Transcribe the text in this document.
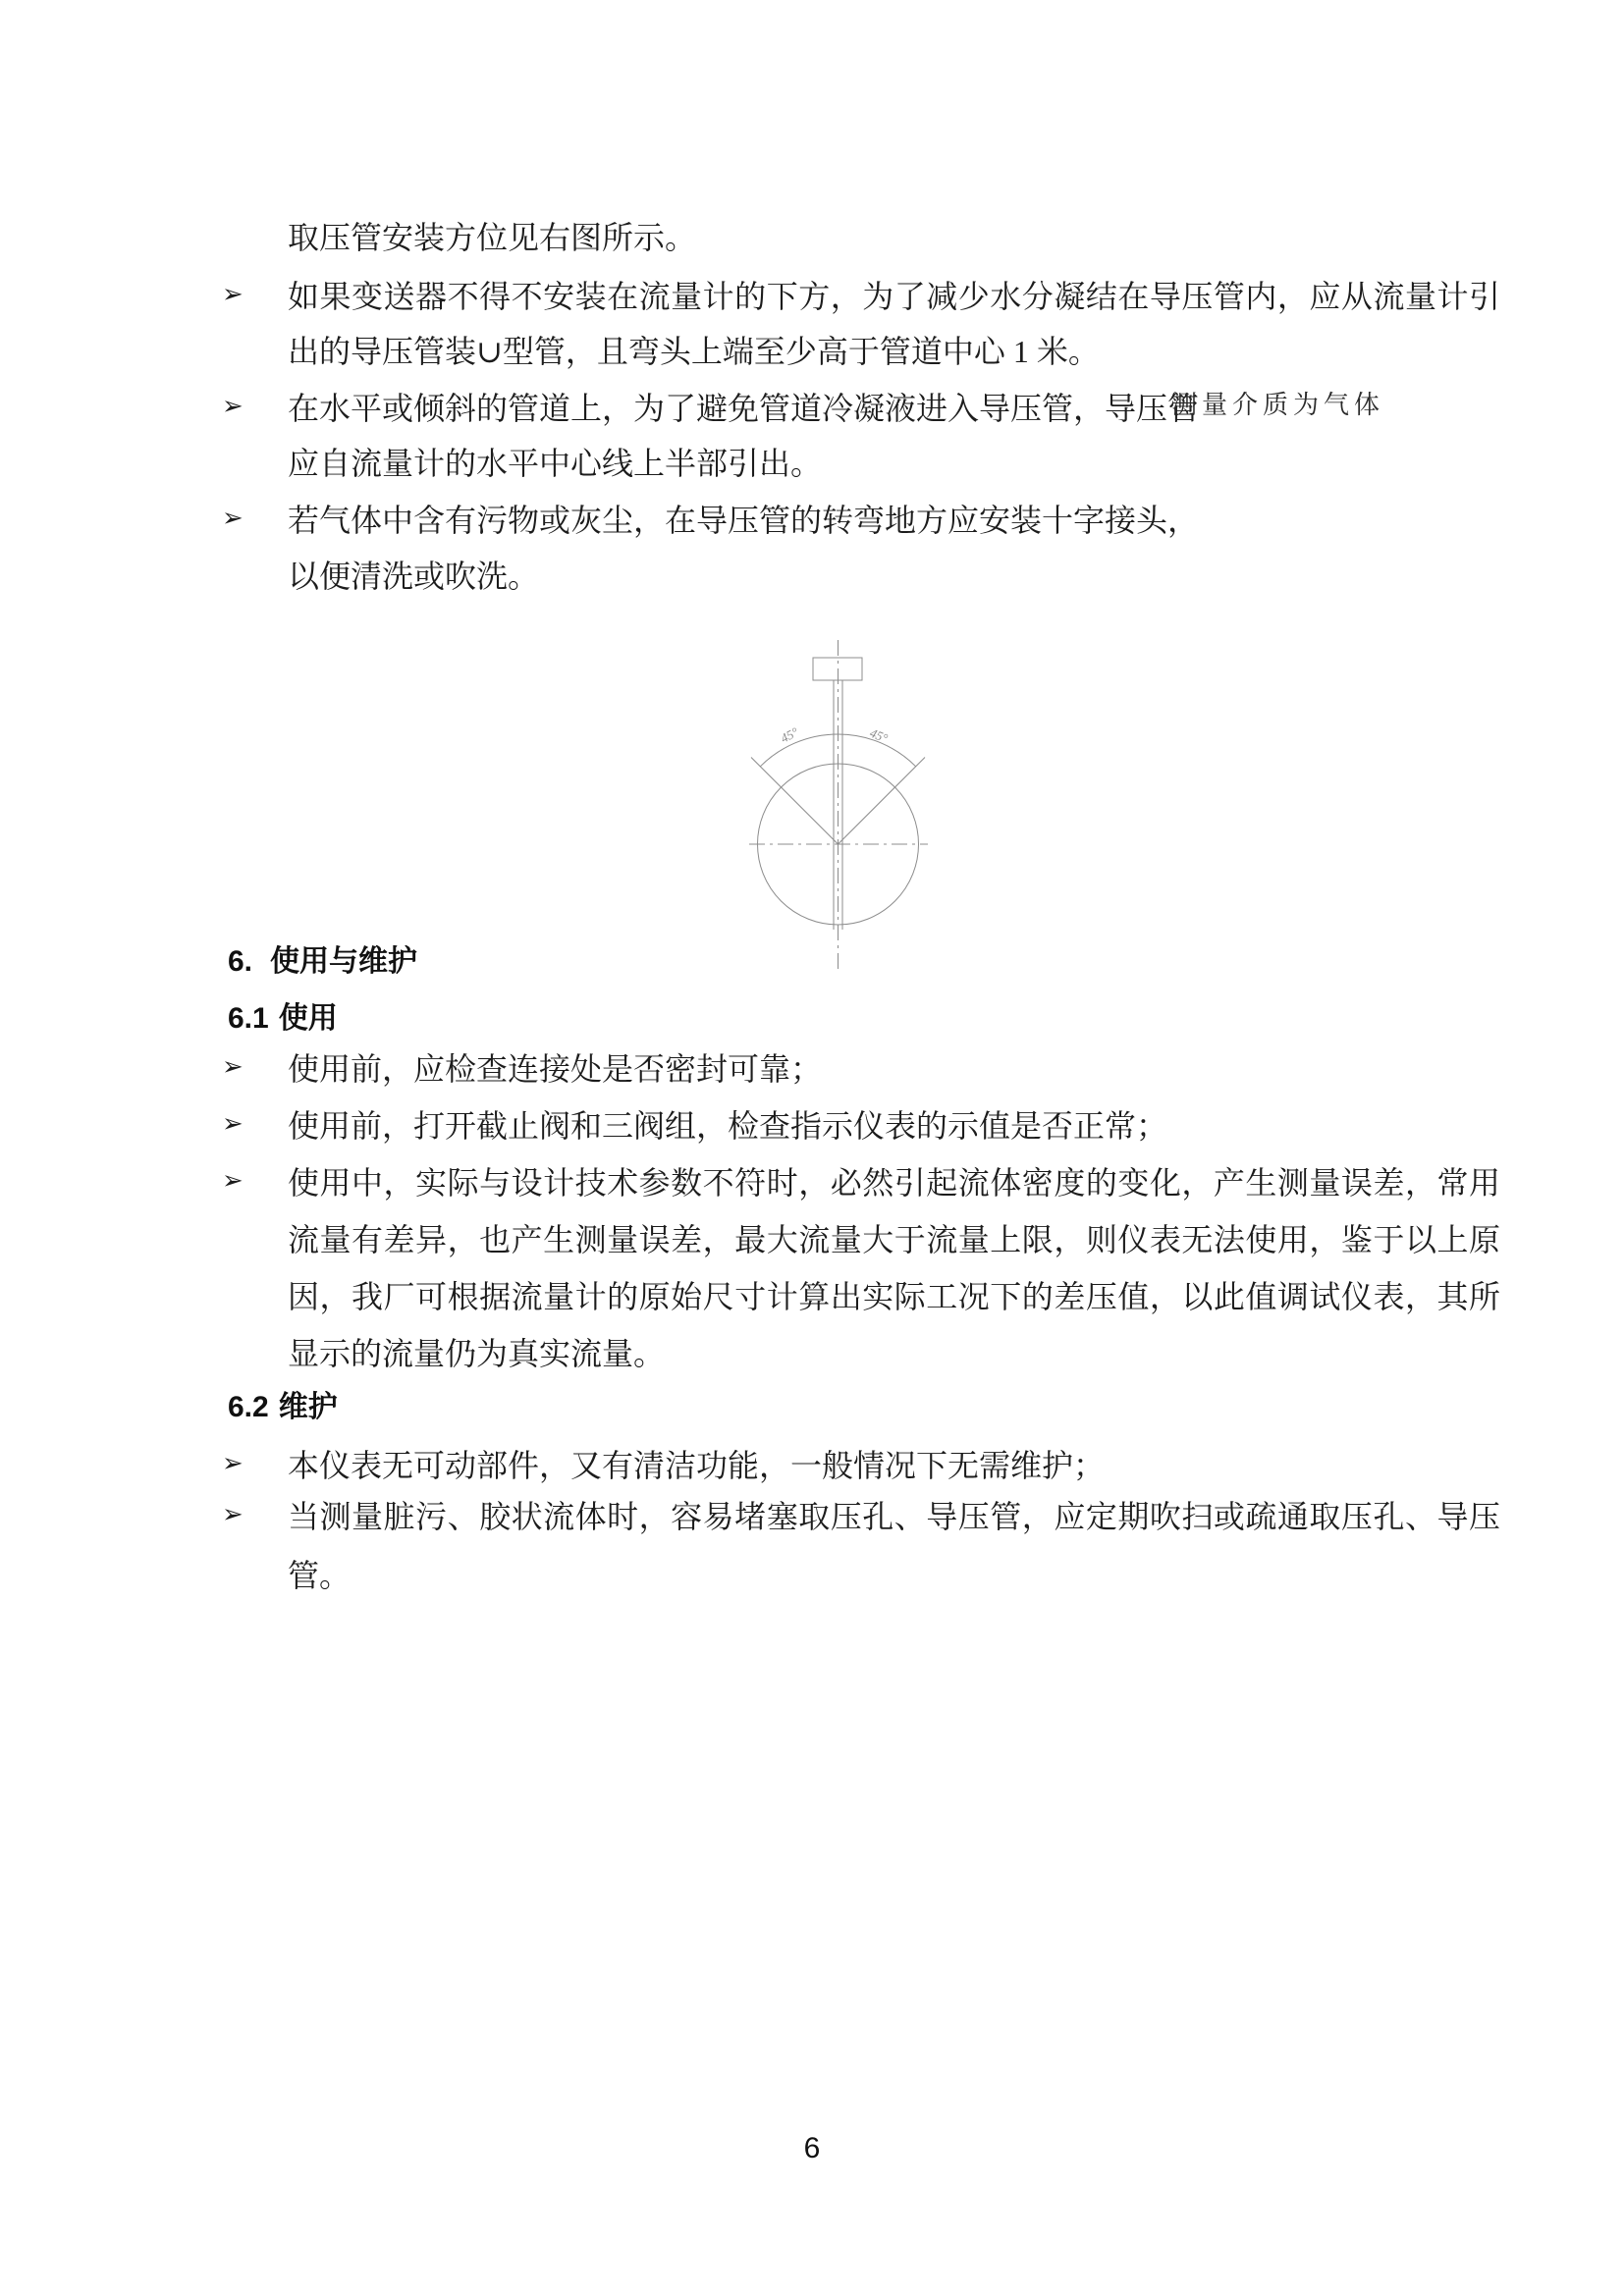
取压管安装方位见右图所示。
➢ 如果变送器不得不安装在流量计的下方，为了减少水分凝结在导压管内，应从流量计引
出的导压管装∪型管，且弯头上端至少高于管道中心 1 米。
➢ 在水平或倾斜的管道上，为了避免管道冷凝液进入导压管，导压管
应自流量计的水平中心线上半部引出。
测量介质为气体
➢ 若气体中含有污物或灰尘，在导压管的转弯地方应安装十字接头，
以便清洗或吹洗。
45°	45°
6. 使用与维护
6.1 使用
➢ 使用前，应检查连接处是否密封可靠；
➢ 使用前，打开截止阀和三阀组，检查指示仪表的示值是否正常；
➢ 使用中，实际与设计技术参数不符时，必然引起流体密度的变化，产生测量误差，常用
流量有差异，也产生测量误差，最大流量大于流量上限，则仪表无法使用，鉴于以上原
因，我厂可根据流量计的原始尺寸计算出实际工况下的差压值，以此值调试仪表，其所
显示的流量仍为真实流量。
6.2 维护
➢ 本仪表无可动部件，又有清洁功能，一般情况下无需维护；
➢ 当测量脏污、胶状流体时，容易堵塞取压孔、导压管，应定期吹扫或疏通取压孔、导压
管。
6
